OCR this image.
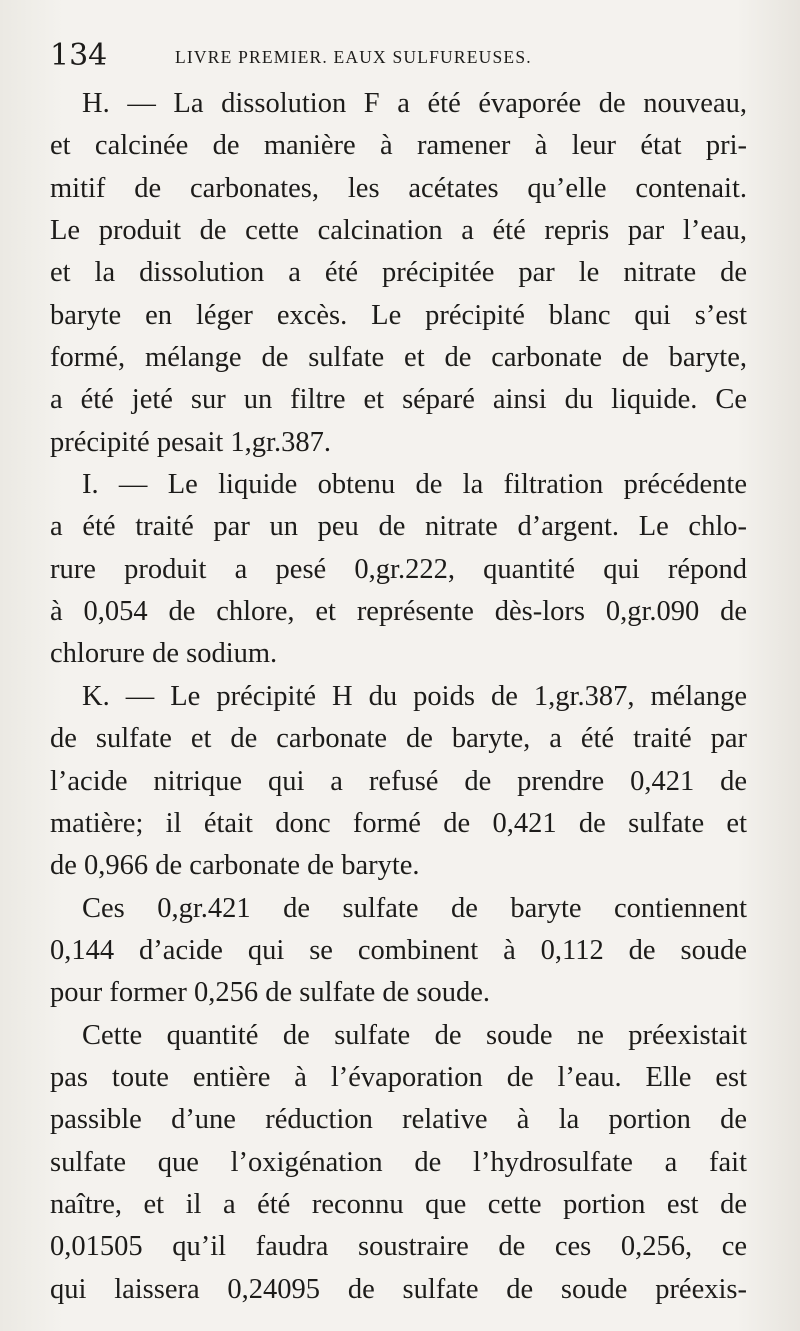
134	LIVRE PREMIER. EAUX SULFUREUSES.
H. — La dissolution F a été évaporée de nouveau,
et calcinée de manière à ramener à leur état pri-
mitif de carbonates, les acétates qu’elle contenait.
Le produit de cette calcination a été repris par l’eau,
et la dissolution a été précipitée par le nitrate de
baryte en léger excès. Le précipité blanc qui s’est
formé, mélange de sulfate et de carbonate de baryte,
a été jeté sur un filtre et séparé ainsi du liquide. Ce
précipité pesait 1,gr.387.
I. — Le liquide obtenu de la filtration précédente
a été traité par un peu de nitrate d’argent. Le chlo-
rure produit a pesé 0,gr.222, quantité qui répond
à 0,054 de chlore, et représente dès-lors 0,gr.090 de
chlorure de sodium.
K. — Le précipité H du poids de 1,gr.387, mélange
de sulfate et de carbonate de baryte, a été traité par
l’acide nitrique qui a refusé de prendre 0,421 de
matière; il était donc formé de 0,421 de sulfate et
de 0,966 de carbonate de baryte.
Ces 0,gr.421 de sulfate de baryte contiennent
0,144 d’acide qui se combinent à 0,112 de soude
pour former 0,256 de sulfate de soude.
Cette quantité de sulfate de soude ne préexistait
pas toute entière à l’évaporation de l’eau. Elle est
passible d’une réduction relative à la portion de
sulfate que l’oxigénation de l’hydrosulfate a fait
naître, et il a été reconnu que cette portion est de
0,01505 qu’il faudra soustraire de ces 0,256, ce
qui laissera 0,24095 de sulfate de soude préexis-
